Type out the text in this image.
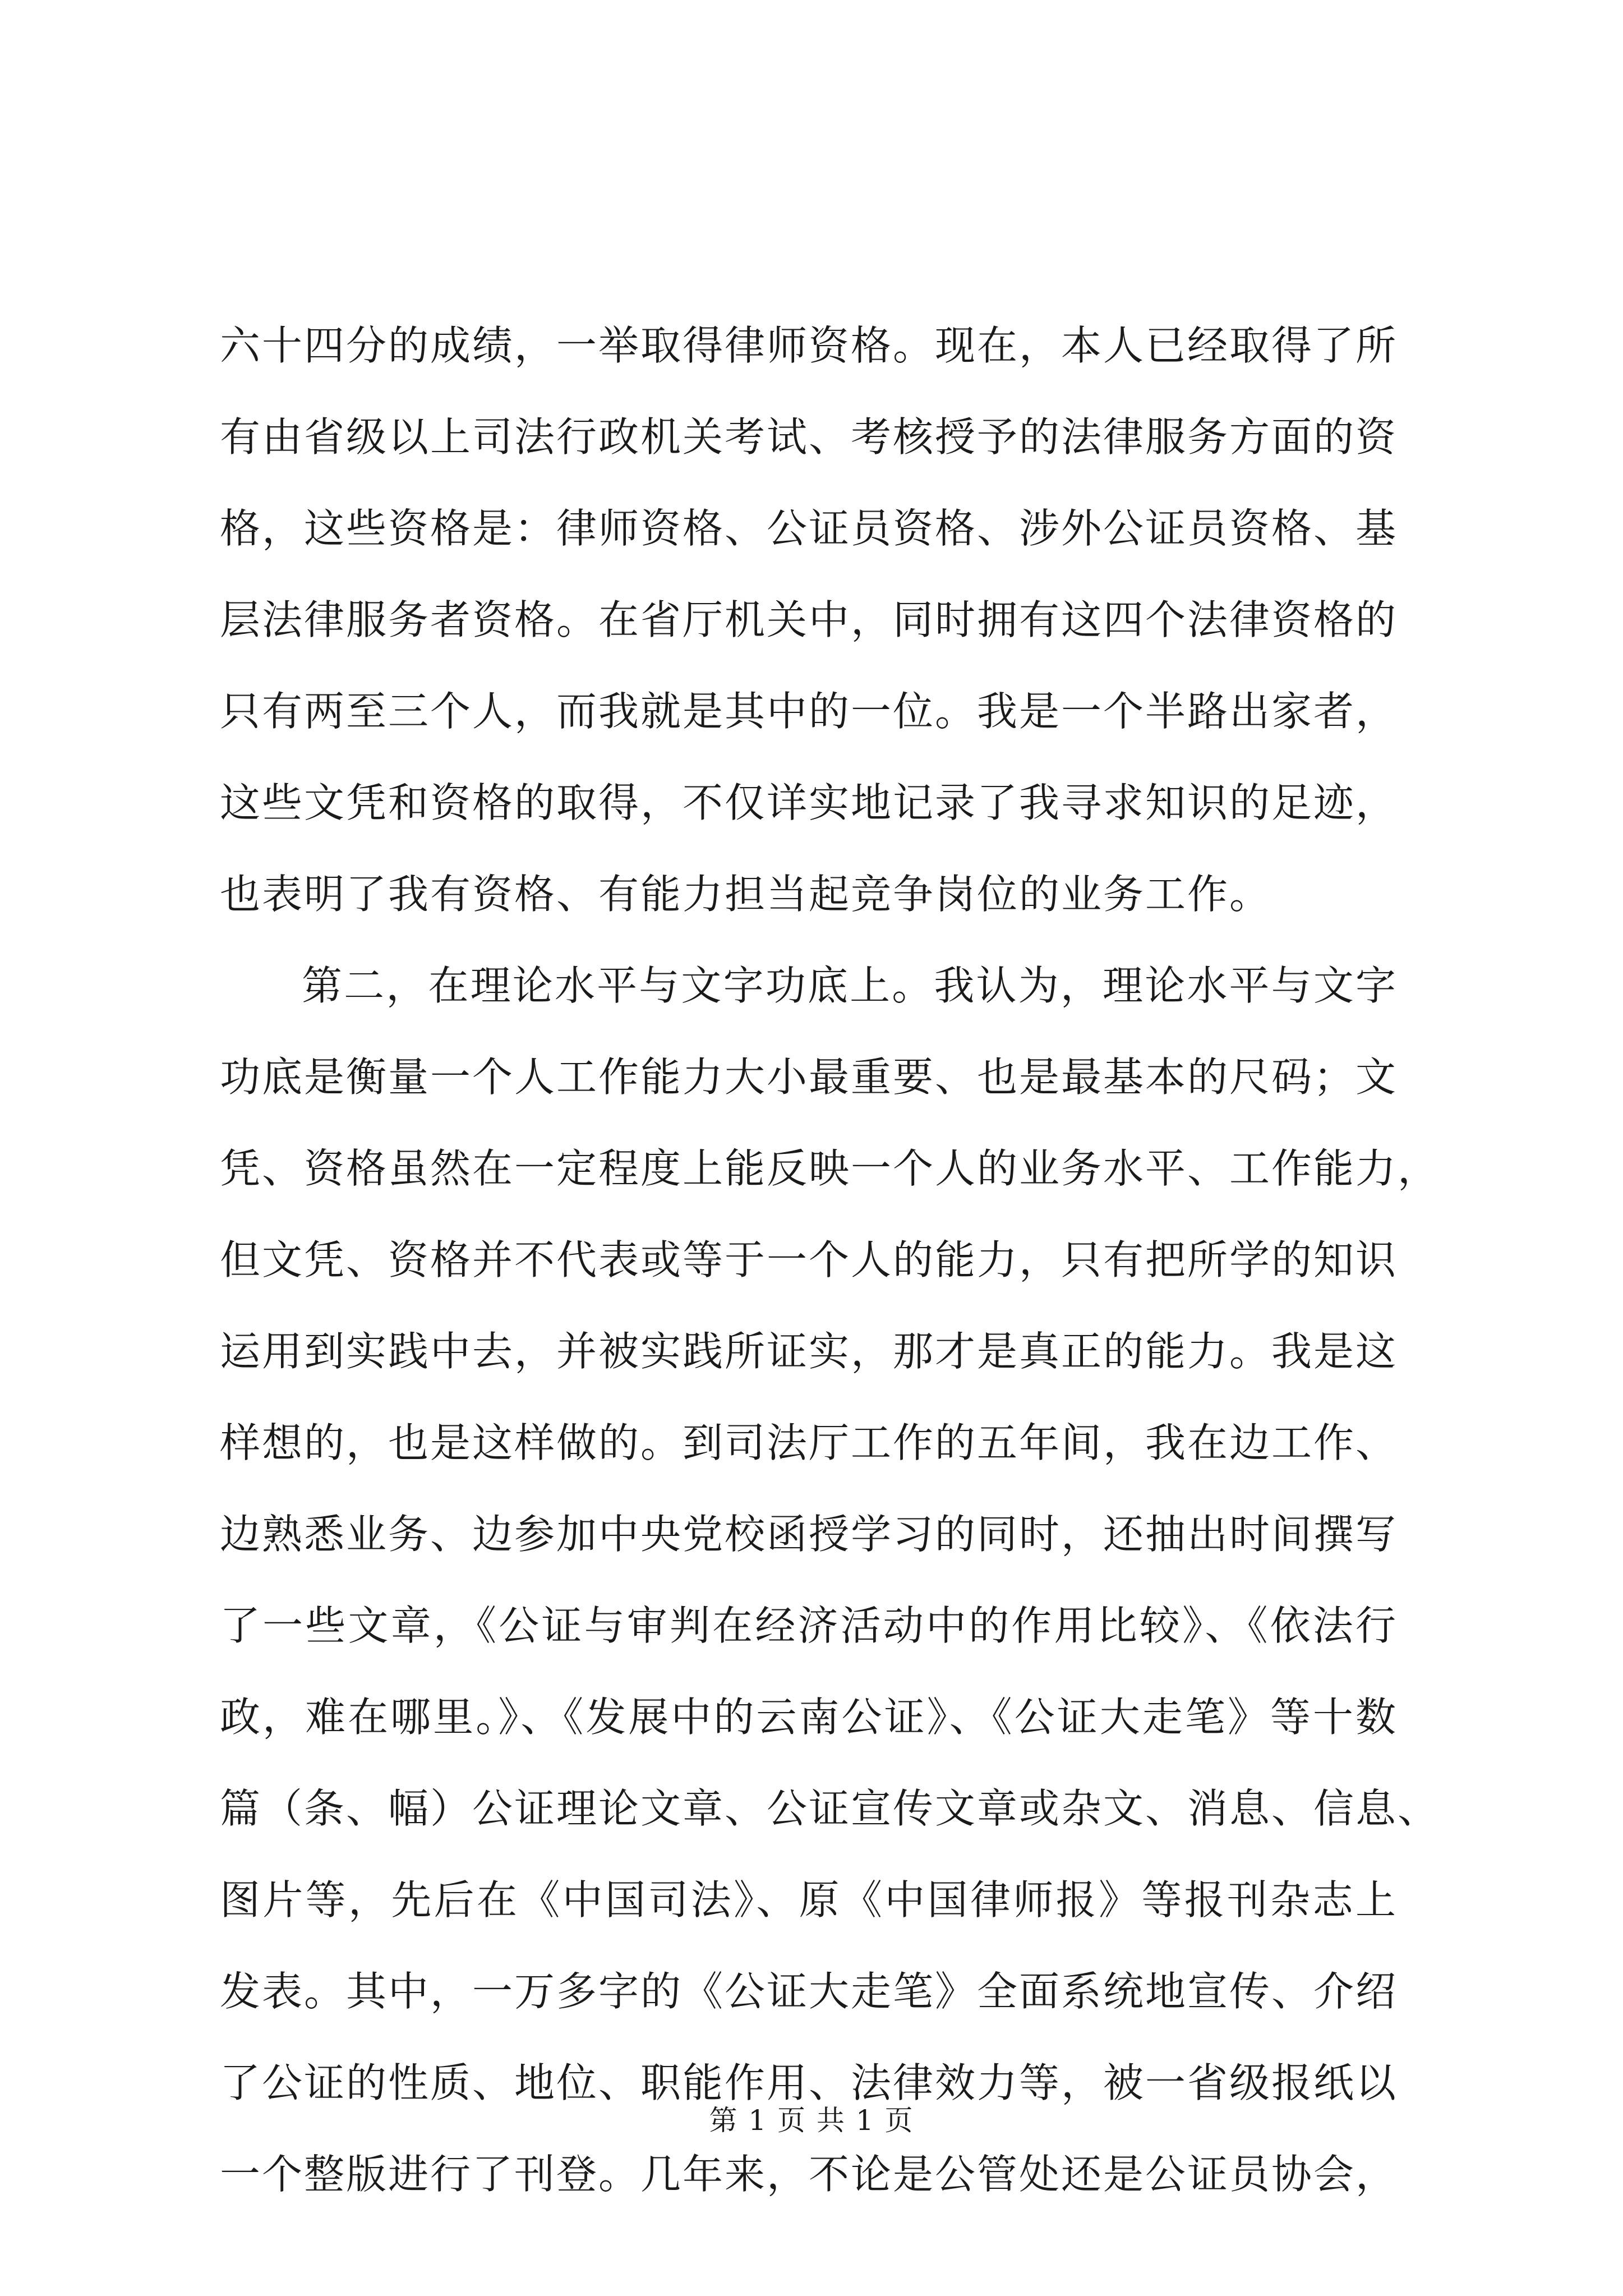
六十四分的成绩，一举取得律师资格。现在，本人已经取得了所
有由省级以上司法行政机关考试、考核授予的法律服务方面的资
格，这些资格是：律师资格、公证员资格、涉外公证员资格、基
层法律服务者资格。在省厅机关中，同时拥有这四个法律资格的
只有两至三个人，而我就是其中的一位。我是一个半路出家者，
这些文凭和资格的取得，不仅详实地记录了我寻求知识的足迹，
也表明了我有资格、有能力担当起竞争岗位的业务工作。
第二，在理论水平与文字功底上。我认为，理论水平与文字
功底是衡量一个人工作能力大小最重要、也是最基本的尺码；文
凭、资格虽然在一定程度上能反映一个人的业务水平、工作能力，
但文凭、资格并不代表或等于一个人的能力，只有把所学的知识
运用到实践中去，并被实践所证实，那才是真正的能力。我是这
样想的，也是这样做的。到司法厅工作的五年间，我在边工作、
边熟悉业务、边参加中央党校函授学习的同时，还抽出时间撰写
了一些文章，《公证与审判在经济活动中的作用比较》、《依法行
政，难在哪里。》、《发展中的云南公证》、《公证大走笔》等十数
篇（条、幅）公证理论文章、公证宣传文章或杂文、消息、信息、
图片等，先后在《中国司法》、原《中国律师报》等报刊杂志上
发表。其中，一万多字的《公证大走笔》全面系统地宣传、介绍
了公证的性质、地位、职能作用、法律效力等，被一省级报纸以
一个整版进行了刊登。几年来，不论是公管处还是公证员协会，
第 1 页 共 1 页
